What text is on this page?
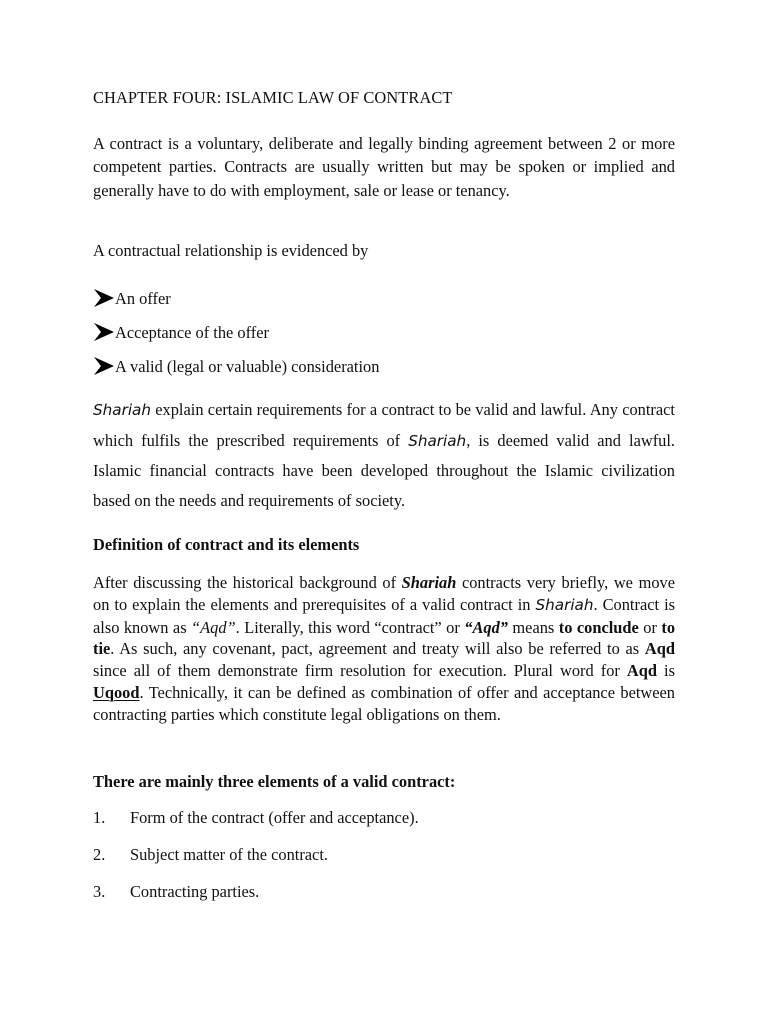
CHAPTER FOUR: ISLAMIC LAW OF CONTRACT

A contract is a voluntary, deliberate and legally binding agreement between 2 or more competent parties. Contracts are usually written but may be spoken or implied and generally have to do with employment, sale or lease or tenancy.

A contractual relationship is evidenced by
An offer
Acceptance of the offer
A valid (legal or valuable) consideration

Shariah explain certain requirements for a contract to be valid and lawful. Any contract which fulfils the prescribed requirements of Shariah, is deemed valid and lawful. Islamic financial contracts have been developed throughout the Islamic civilization based on the needs and requirements of society.

Definition of contract and its elements

After discussing the historical background of Shariah contracts very briefly, we move on to explain the elements and prerequisites of a valid contract in Shariah. Contract is also known as “Aqd”. Literally, this word “contract” or “Aqd” means to conclude or to tie. As such, any covenant, pact, agreement and treaty will also be referred to as Aqd since all of them demonstrate firm resolution for execution. Plural word for Aqd is Uqood. Technically, it can be defined as combination of offer and acceptance between contracting parties which constitute legal obligations on them.

There are mainly three elements of a valid contract:
1. Form of the contract (offer and acceptance).
2. Subject matter of the contract.
3. Contracting parties.
